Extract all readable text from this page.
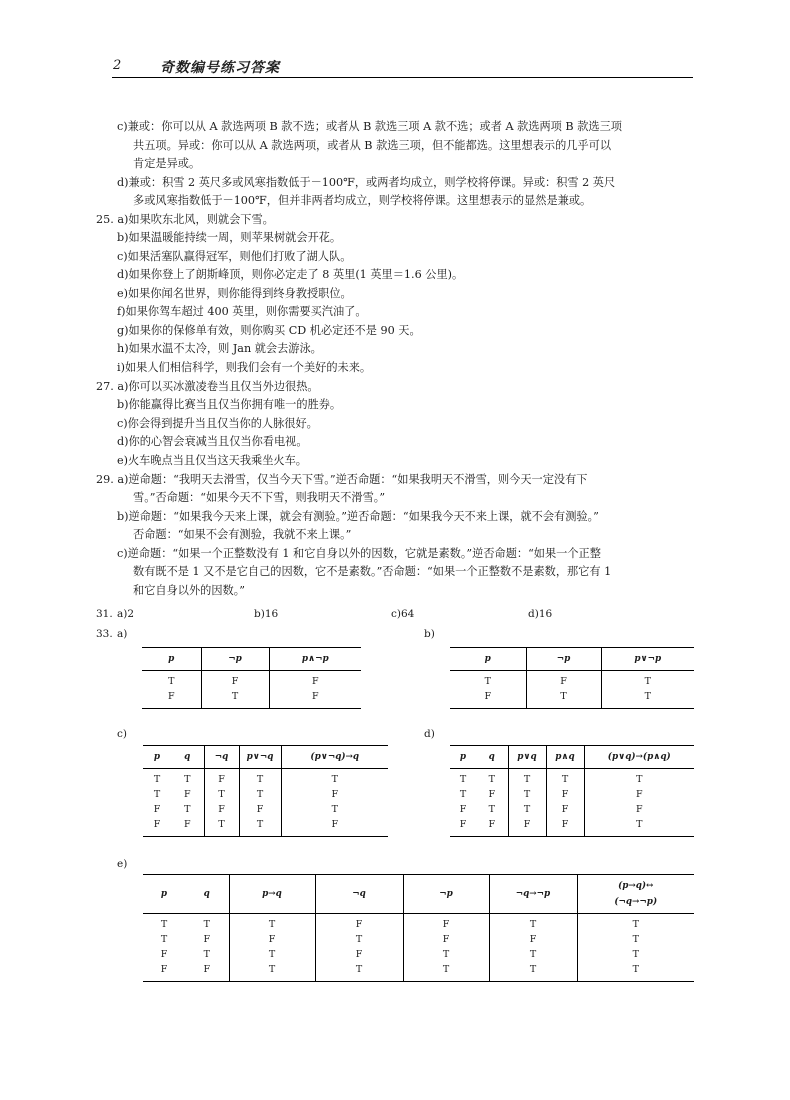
2	奇数编号练习答案
c)兼或：你可以从 A 款选两项 B 款不选；或者从 B 款选三项 A 款不选；或者 A 款选两项 B 款选三项
共五项。异或：你可以从 A 款选两项，或者从 B 款选三项，但不能都选。这里想表示的几乎可以
肯定是异或。
d)兼或：积雪 2 英尺多或风寒指数低于－100℉，或两者均成立，则学校将停课。异或：积雪 2 英尺
多或风寒指数低于－100℉，但并非两者均成立，则学校将停课。这里想表示的显然是兼或。
25. a)如果吹东北风，则就会下雪。
b)如果温暖能持续一周，则苹果树就会开花。
c)如果活塞队赢得冠军，则他们打败了湖人队。
d)如果你登上了朗斯峰顶，则你必定走了 8 英里(1 英里＝1.6 公里)。
e)如果你闻名世界，则你能得到终身教授职位。
f)如果你驾车超过 400 英里，则你需要买汽油了。
g)如果你的保修单有效，则你购买 CD 机必定还不是 90 天。
h)如果水温不太冷，则 Jan 就会去游泳。
i)如果人们相信科学，则我们会有一个美好的未来。
27. a)你可以买冰激凌卷当且仅当外边很热。
b)你能赢得比赛当且仅当你拥有唯一的胜券。
c)你会得到提升当且仅当你的人脉很好。
d)你的心智会衰减当且仅当你看电视。
e)火车晚点当且仅当这天我乘坐火车。
29. a)逆命题：“我明天去滑雪，仅当今天下雪。”逆否命题：“如果我明天不滑雪，则今天一定没有下
雪。”否命题：“如果今天不下雪，则我明天不滑雪。”
b)逆命题：“如果我今天来上课，就会有测验。”逆否命题：“如果我今天不来上课，就不会有测验。”
否命题：“如果不会有测验，我就不来上课。”
c)逆命题：“如果一个正整数没有 1 和它自身以外的因数，它就是素数。”逆否命题：“如果一个正整
数有既不是 1 又不是它自己的因数，它不是素数。”否命题：“如果一个正整数不是素数，那它有 1
和它自身以外的因数。”
31. a)2	b)16	c)64	d)16
33. a)	b)
c)	d)
e)
p	¬p	p∧¬p
T	F	F
F	T	F
p	¬p	p∨¬p
T	F	T
F	T	T
p	q	¬q	p∨¬q	(p∨¬q)→q
T	T	F	T	T
T	F	T	T	F
F	T	F	F	T
F	F	T	T	F
p	q	p∨q	p∧q	(p∨q)→(p∧q)
T	T	T	T	T
T	F	T	F	F
F	T	T	F	F
F	F	F	F	T
p	q	p→q	¬q	¬p	¬q→¬p	(p→q)↔
(¬q→¬p)

T	T	T	F	F	T	T
T	F	F	T	F	F	T
F	T	T	F	T	T	T
F	F	T	T	T	T	T
